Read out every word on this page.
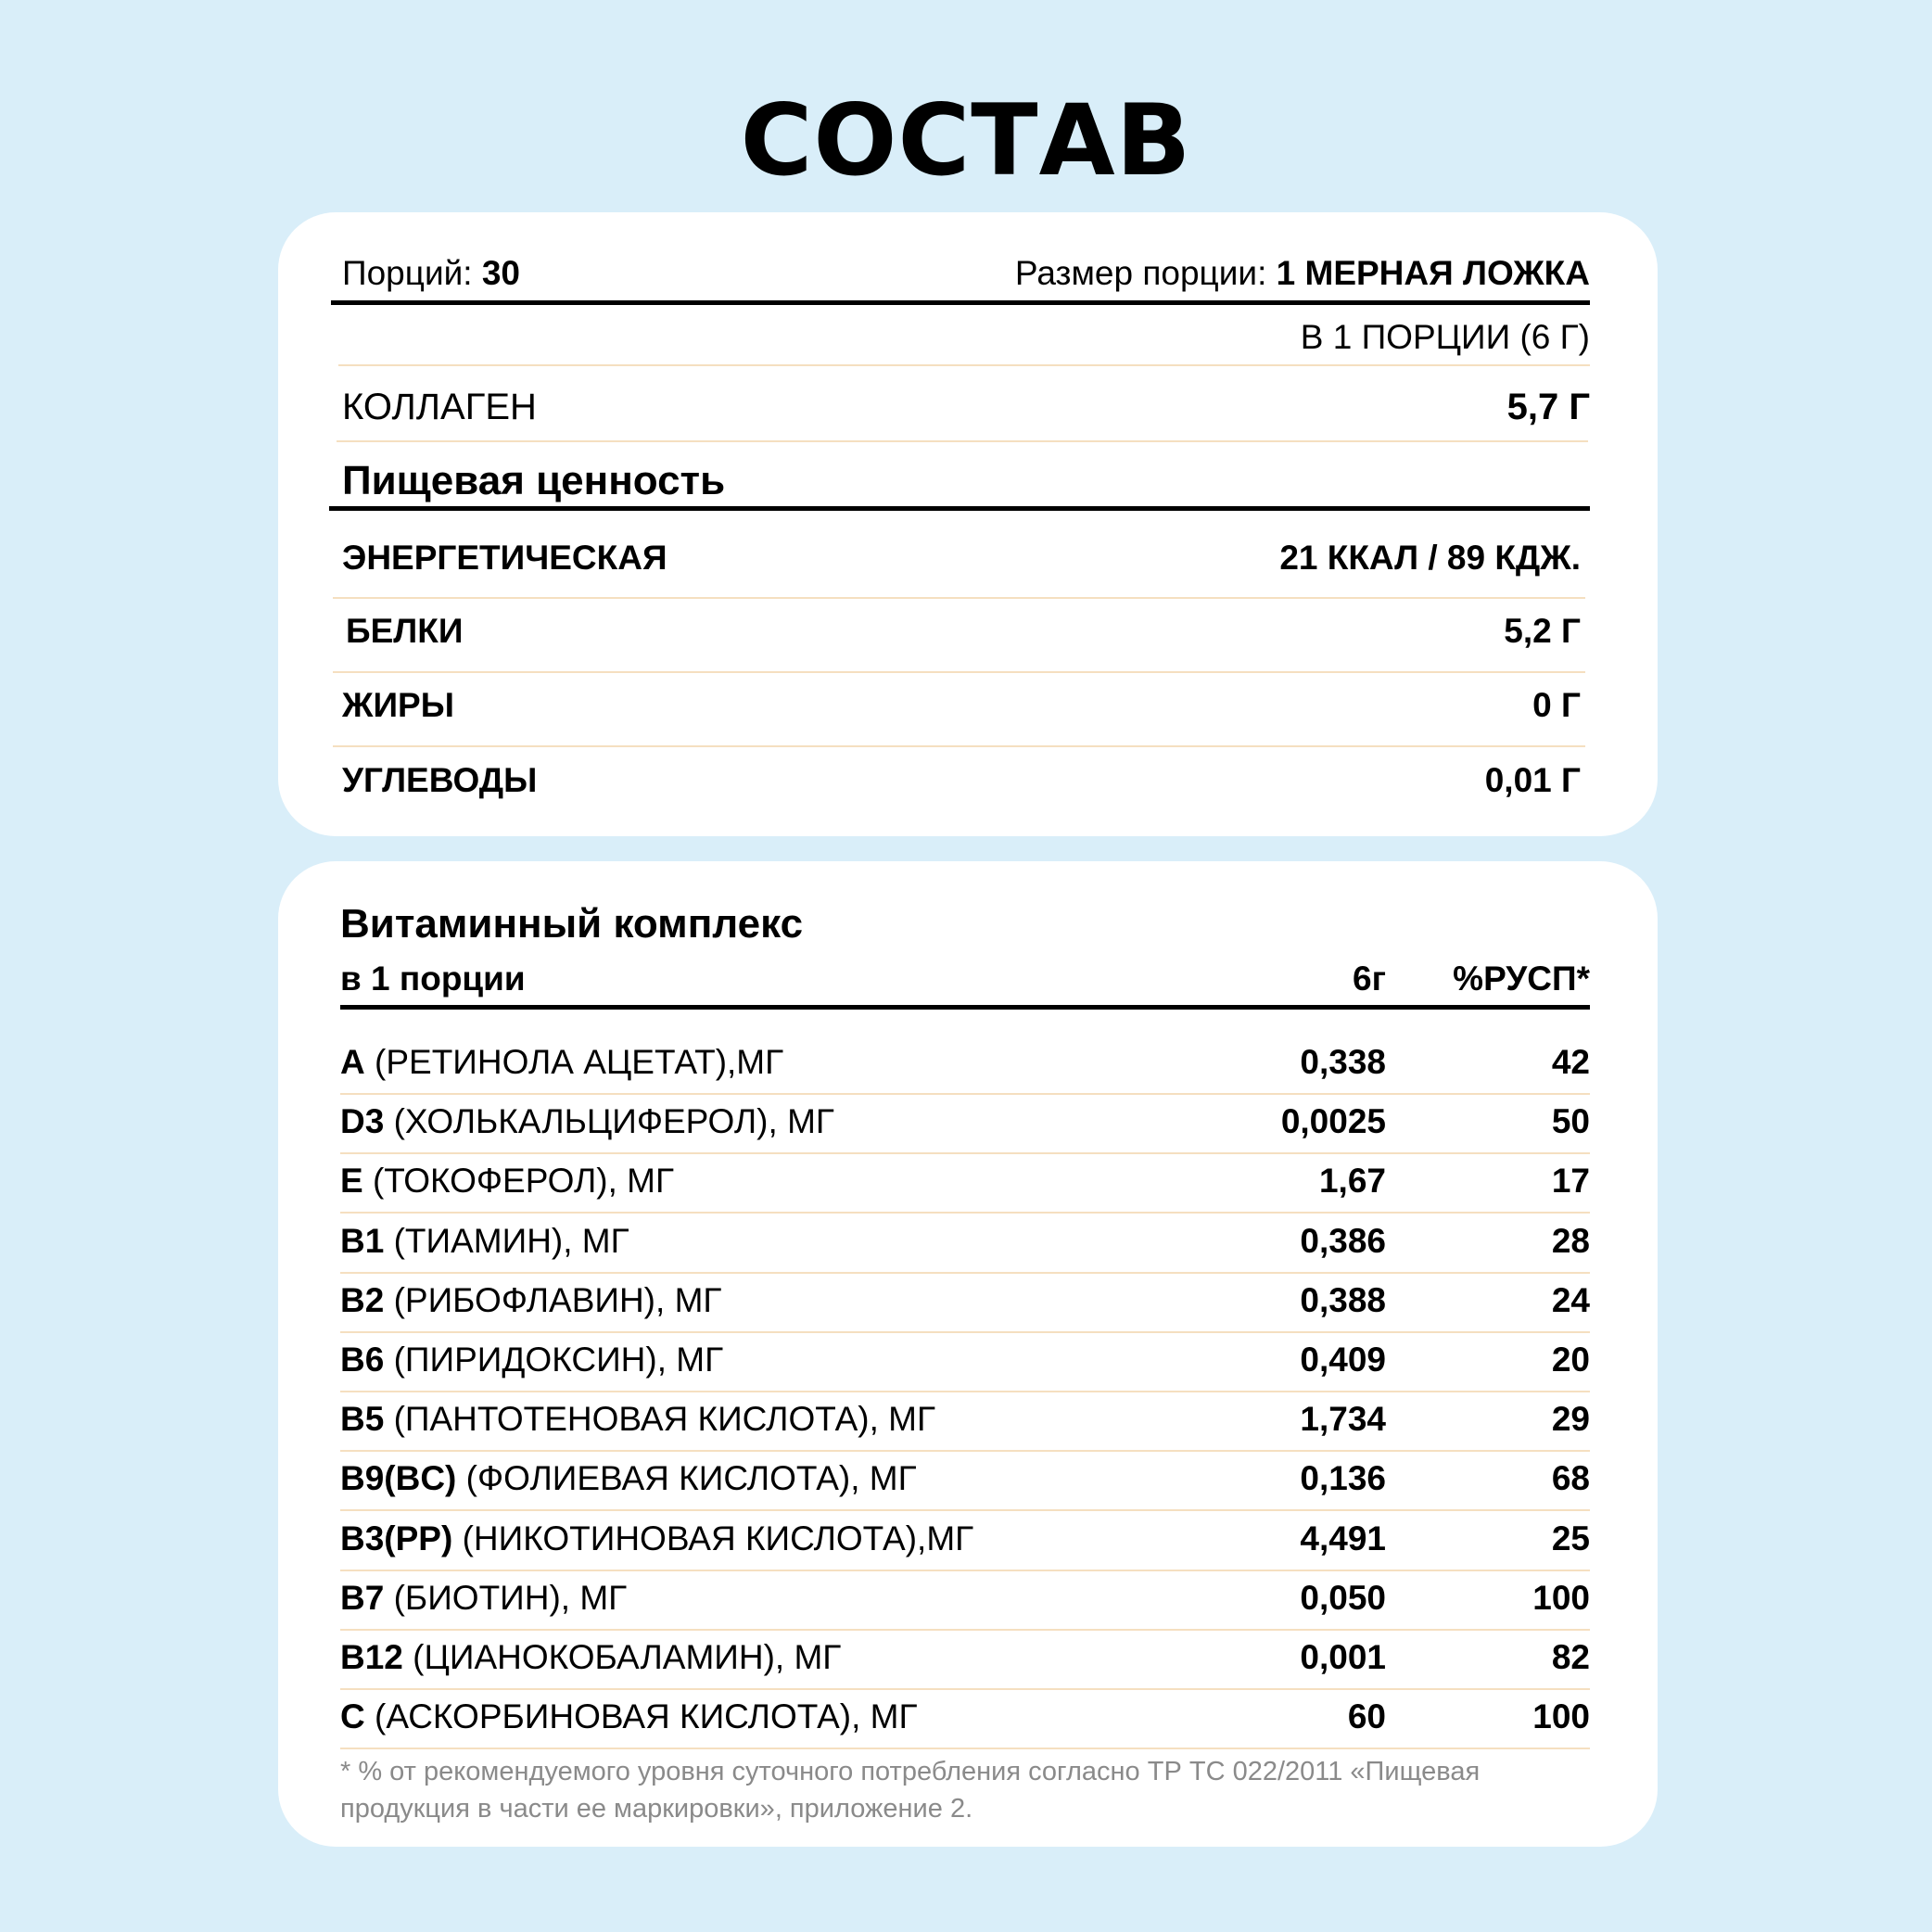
СОСТАВ
Порций: 30	Размер порции: 1 МЕРНАЯ ЛОЖКА
В 1 ПОРЦИИ (6 Г)
КОЛЛАГЕН	5,7 Г
Пищевая ценность
ЭНЕРГЕТИЧЕСКАЯ	21 ККАЛ / 89 КДЖ.
БЕЛКИ	5,2 Г
ЖИРЫ	0 Г
УГЛЕВОДЫ	0,01 Г
Витаминный комплекс
в 1 порции	6г	%РУСП*
A (РЕТИНОЛА АЦЕТАТ),МГ	0,338	42
D3 (ХОЛЬКАЛЬЦИФЕРОЛ), МГ	0,0025	50
E (ТОКОФЕРОЛ), МГ	1,67	17
B1 (ТИАМИН), МГ	0,386	28
B2 (РИБОФЛАВИН), МГ	0,388	24
B6 (ПИРИДОКСИН), МГ	0,409	20
B5 (ПАНТОТЕНОВАЯ КИСЛОТА), МГ	1,734	29
B9(BC) (ФОЛИЕВАЯ КИСЛОТА), МГ	0,136	68
B3(PP) (НИКОТИНОВАЯ КИСЛОТА),МГ	4,491	25
B7 (БИОТИН), МГ	0,050	100
B12 (ЦИАНОКОБАЛАМИН), МГ	0,001	82
C (АСКОРБИНОВАЯ КИСЛОТА), МГ	60	100

* % от рекомендуемого уровня суточного потребления согласно ТР ТС 022/2011 «Пищевая продукция в части ее маркировки», приложение 2.
